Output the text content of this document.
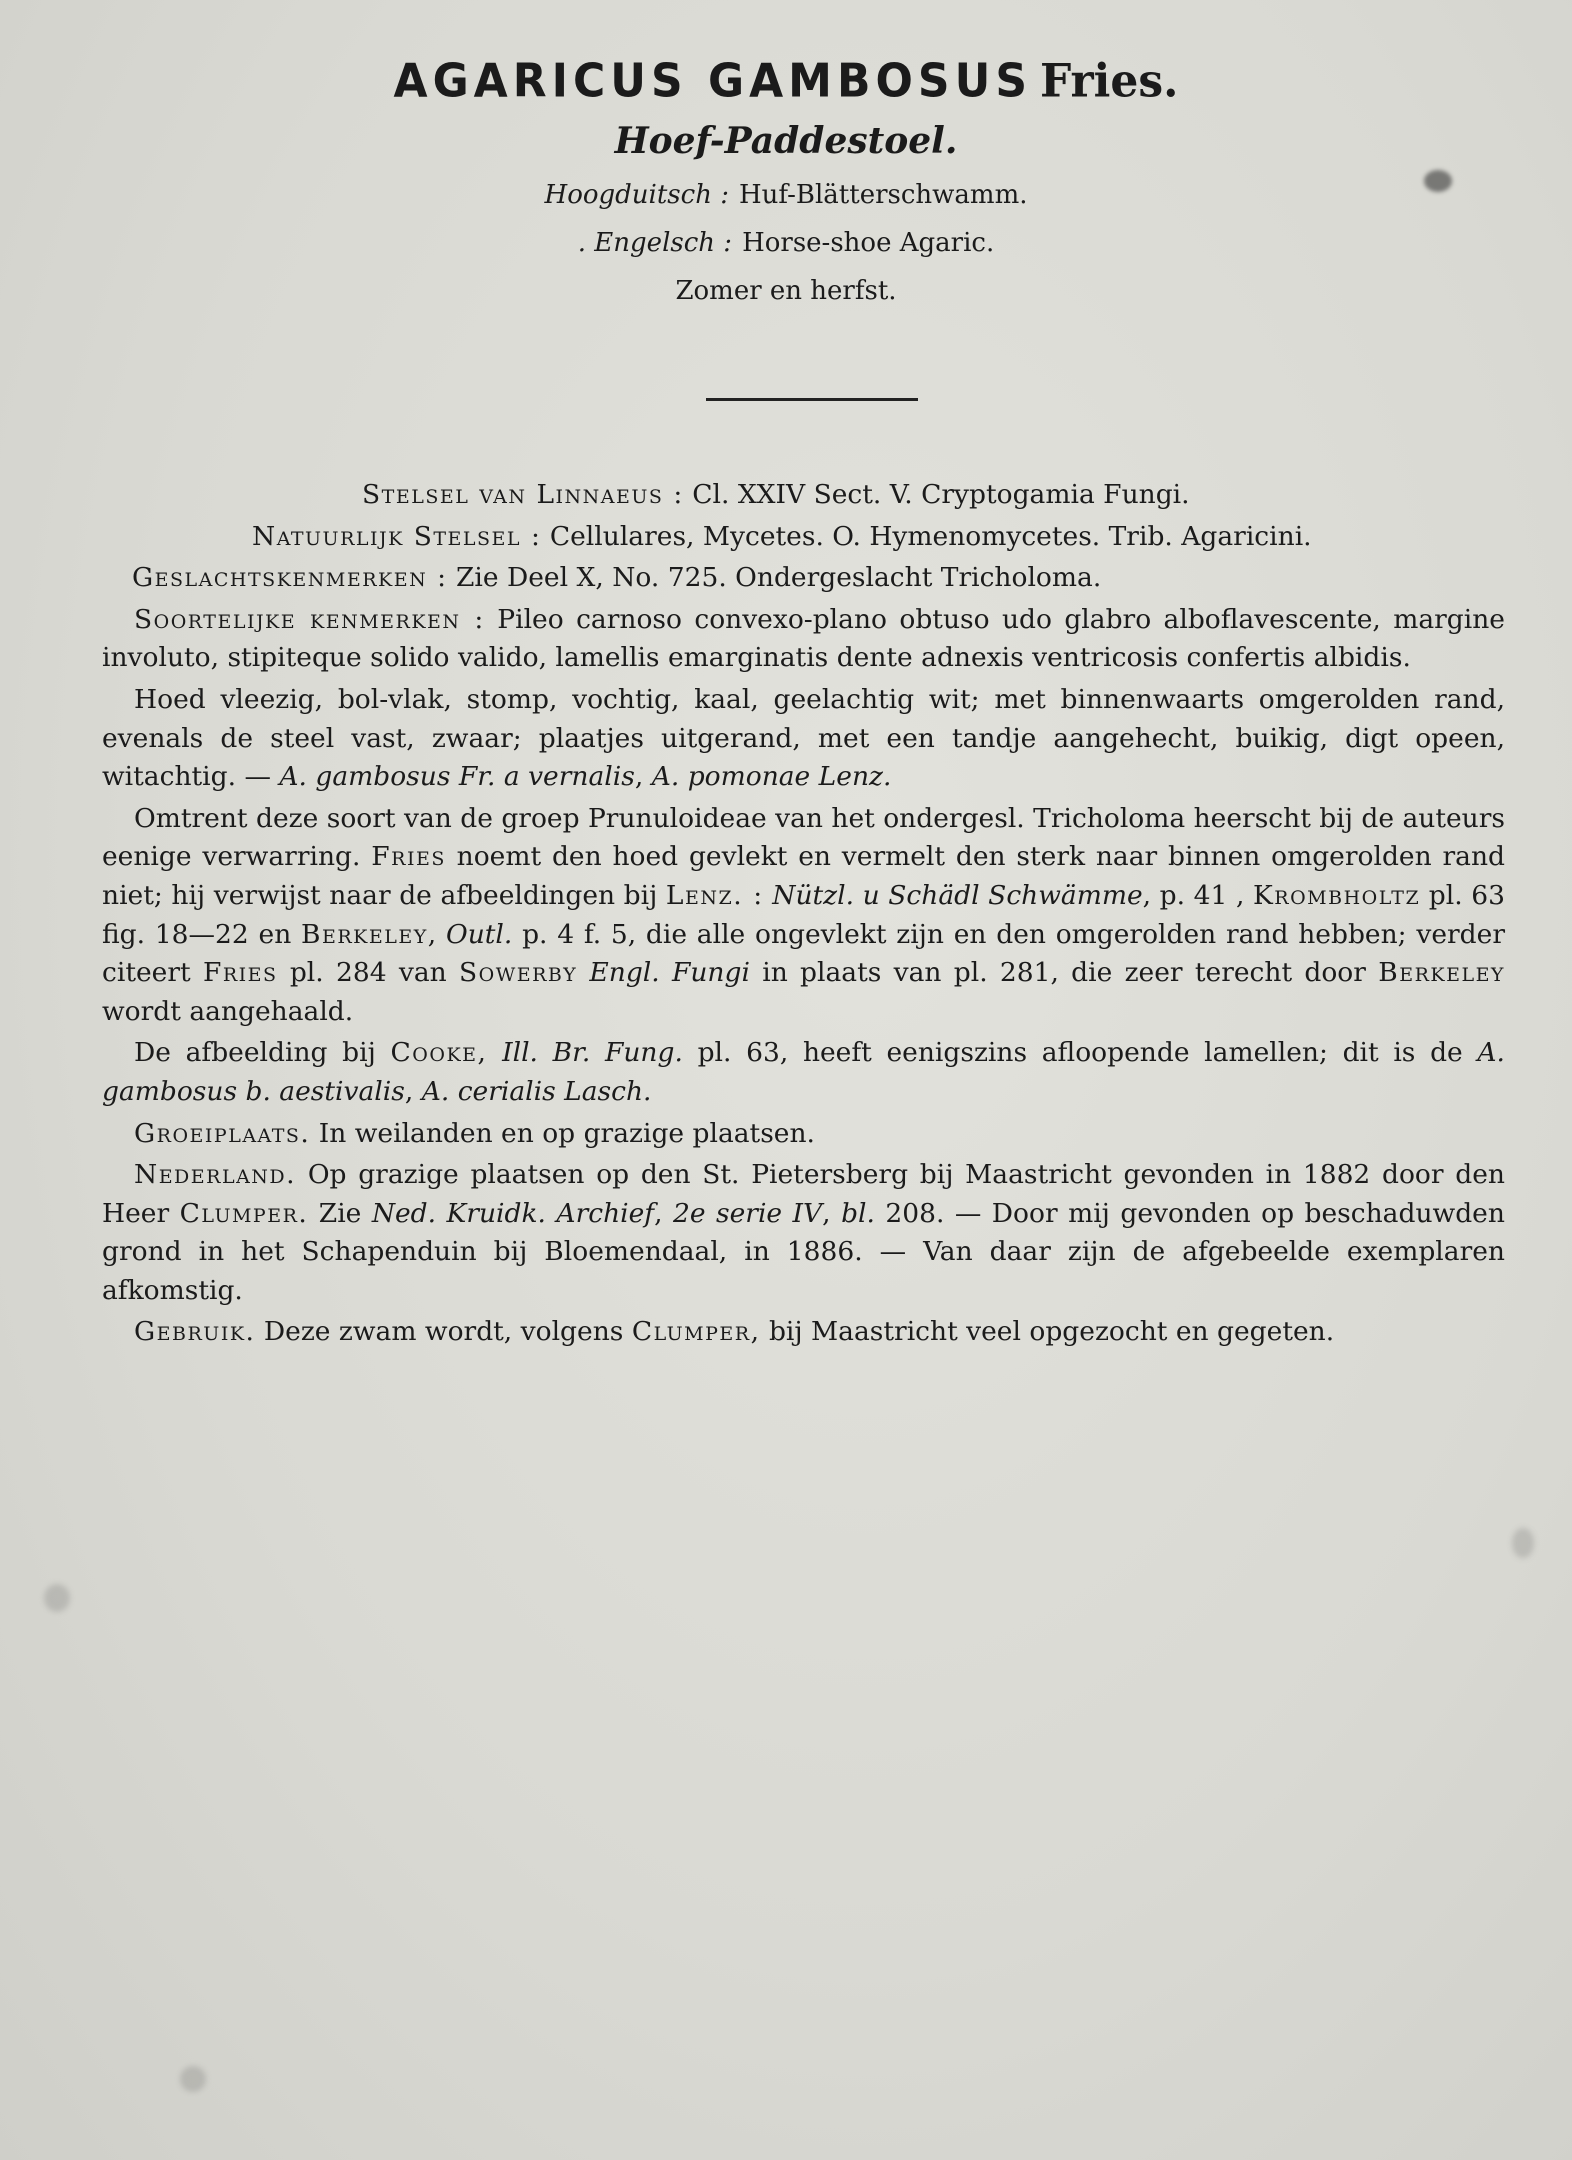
AGARICUS GAMBOSUS Fries.
Hoef-Paddestoel.
Hoogduitsch : Huf-Blätterschwamm.
. Engelsch : Horse-shoe Agaric.
Zomer en herfst.

Stelsel van Linnaeus : Cl. XXIV Sect. V. Cryptogamia Fungi.

Natuurlijk Stelsel : Cellulares, Mycetes. O. Hymenomycetes. Trib. Agaricini.

Geslachtskenmerken : Zie Deel X, No. 725. Ondergeslacht Tricholoma.

Soortelijke kenmerken : Pileo carnoso convexo-plano obtuso udo glabro alboflavescente, margine involuto, stipiteque solido valido, lamellis emarginatis dente adnexis ventricosis confertis albidis.

Hoed vleezig, bol-vlak, stomp, vochtig, kaal, geelachtig wit; met binnenwaarts omgerolden rand, evenals de steel vast, zwaar; plaatjes uitgerand, met een tandje aangehecht, buikig, digt opeen, witachtig. — A. gambosus Fr. a vernalis, A. pomonae Lenz.

Omtrent deze soort van de groep Prunuloideae van het ondergesl. Tricholoma heerscht bij de auteurs eenige verwarring. Fries noemt den hoed gevlekt en vermelt den sterk naar binnen omgerolden rand niet; hij verwijst naar de afbeeldingen bij Lenz. : Nützl. u Schädl Schwämme, p. 41 , Krombholtz pl. 63 fig. 18—22 en Berkeley, Outl. p. 4 f. 5, die alle ongevlekt zijn en den omgerolden rand hebben; verder citeert Fries pl. 284 van Sowerby Engl. Fungi in plaats van pl. 281, die zeer terecht door Berkeley wordt aangehaald.

De afbeelding bij Cooke, Ill. Br. Fung. pl. 63, heeft eenigszins afloopende lamellen; dit is de A. gambosus b. aestivalis, A. cerialis Lasch.

Groeiplaats. In weilanden en op grazige plaatsen.

Nederland. Op grazige plaatsen op den St. Pietersberg bij Maastricht gevonden in 1882 door den Heer Clumper. Zie Ned. Kruidk. Archief, 2e serie IV, bl. 208. — Door mij gevonden op beschaduwden grond in het Schapenduin bij Bloemendaal, in 1886. — Van daar zijn de afgebeelde exemplaren afkomstig.

Gebruik. Deze zwam wordt, volgens Clumper, bij Maastricht veel opgezocht en gegeten.
